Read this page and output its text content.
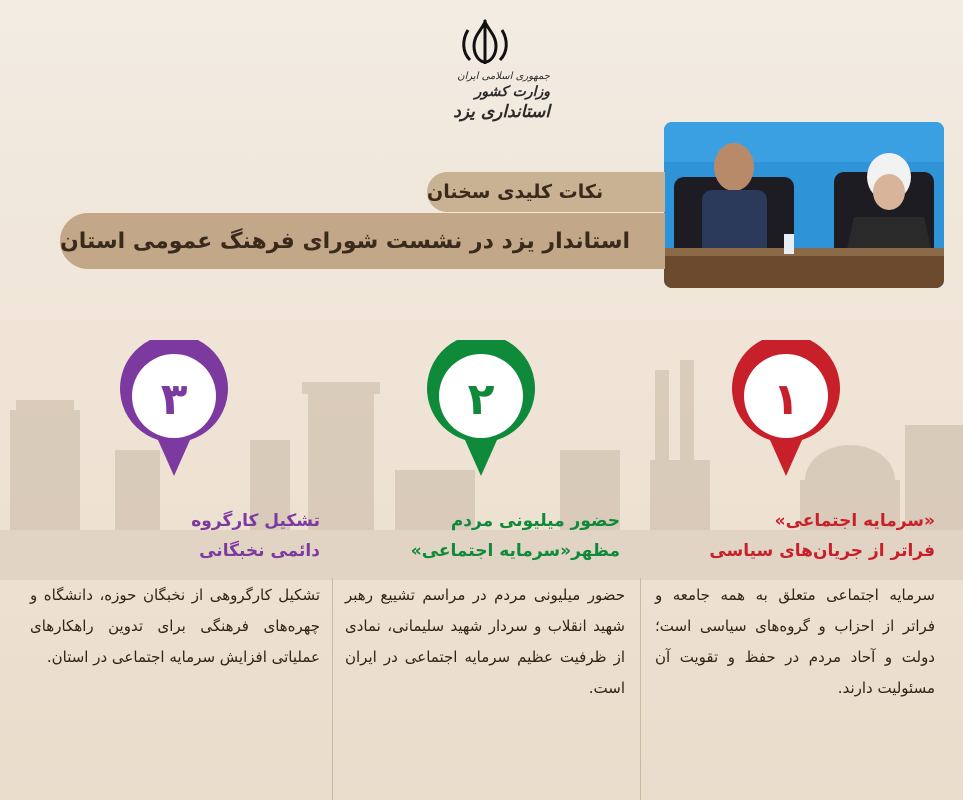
جمهوری اسلامی ایران
وزارت کشور
استانداری یزد
نکات کلیدی سخنان
استاندار یزد در نشست شورای فرهنگ عمومی استان
۱
۲
۳
«سرمایه اجتماعی»
فراتر از جریان‌های سیاسی
حضور میلیونی مردم
مظهر«سرمایه اجتماعی»
تشکیل کارگروه
دائمی نخبگانی
سرمایه اجتماعی متعلق به همه جامعه و فراتر از احزاب و گروه‌های سیاسی است؛ دولت و آحاد مردم در حفظ و تقویت آن مسئولیت دارند.
حضور میلیونی مردم در مراسم تشییع رهبر شهید انقلاب و سردار شهید سلیمانی، نمادی از ظرفیت عظیم سرمایه اجتماعی در ایران است.
تشکیل کارگروهی از نخبگان حوزه، دانشگاه و چهره‌های فرهنگی برای تدوین راهکارهای عملیاتی افزایش سرمایه اجتماعی در استان.
